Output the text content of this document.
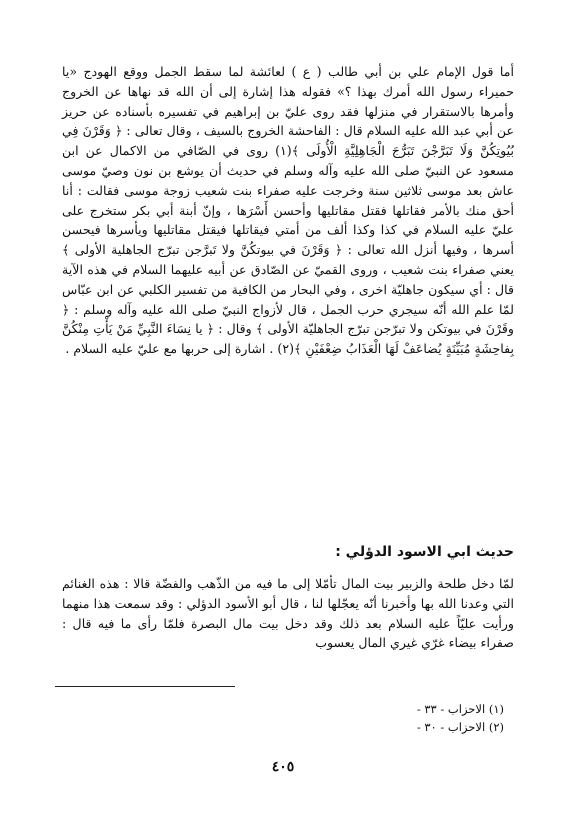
أما قول الإمام علي بن أبي طالب ( ع ) لعائشة لما سقط الجمل ووقع الهودج «يا حميراء رسول الله أمرك بهذا ؟» فقوله هذا إشارة إلى أن الله قد نهاها عن الخروج وأمرها بالاستقرار في منزلها فقد روى عليّ بن إبراهيم في تفسيره بأسناده عن حريز عن أبي عبد الله عليه السلام قال : الفاحشة الخروج بالسيف ، وقال تعالى : ﴿ وَقَرْنَ فِي بُيُوتِكُنَّ وَلَا تَبَرَّجْنَ تَبَرُّجَ الْجَاهِلِيَّةِ الْأُولَى ﴾(١) روى في الصّافي من الاكمال عن ابن مسعود عن النبيّ صلى الله عليه وآله وسلم في حديث أن يوشع بن نون وصيّ موسى عاش بعد موسى ثلاثين سنة وخرجت عليه صفراء بنت شعيب زوجة موسى فقالت : أنا أحق منك بالأمر فقاتلها فقتل مقاتليها وأحسن أَسْرَها ، وإنّ أبنة أبي بكر ستخرج على عليّ عليه السلام في كذا وكذا ألف من أمتي فيقاتلها فيقتل مقاتليها ويأسرها فيحسن أسرها ، وفيها أنزل الله تعالى : ﴿ وَقَرْنَ في بيوتكُنَّ ولا تَبرَّجن تبرّج الجاهلية الأولى ﴾ يعني صفراء بنت شعيب ، وروى القميّ عن الصّادق عن أبيه عليهما السلام في هذه الآية قال : أي سيكون جاهليّة اخرى ، وفي البحار من الكافية من تفسير الكلبي عن ابن عبّاس لمّا علم الله أنّه سيجري حرب الجمل ، قال لأزواج النبيّ صلى الله عليه وآله وسلم : ﴿ وقَرْنَ في بيوتكن ولا تبرّجن تبرّج الجاهليّة الأولى ﴾ وقال : ﴿ يا نِسَاءَ النَّبِيِّ مَنْ يَأْتِ مِنْكُنَّ بِفاحِشَةٍ مُبَيِّنَةٍ يُضاعَفْ لَهَا الْعَذَابُ ضِعْفَيْنِ ﴾(٢) . اشارة إلى حربها مع عليّ عليه السلام .

حديث ابي الاسود الدؤلي :

لمّا دخل طلحة والزبير بيت المال تأمّلا إلى ما فيه من الذّهب والفضّة قالا : هذه الغنائم التي وعدنا الله بها وأخبرنا أنّه يعجّلها لنا ، قال أبو الأسود الدؤلي : وقد سمعت هذا منهما ورأيت عليّاً عليه السلام بعد ذلك وقد دخل بيت مال البصرة فلمّا رأى ما فيه قال : صفراء بيضاء غرّي غيري المال يعسوب

(١) الاحزاب - ٣٣ -
(٢) الاحزاب - ٣٠ -
٤٠٥
